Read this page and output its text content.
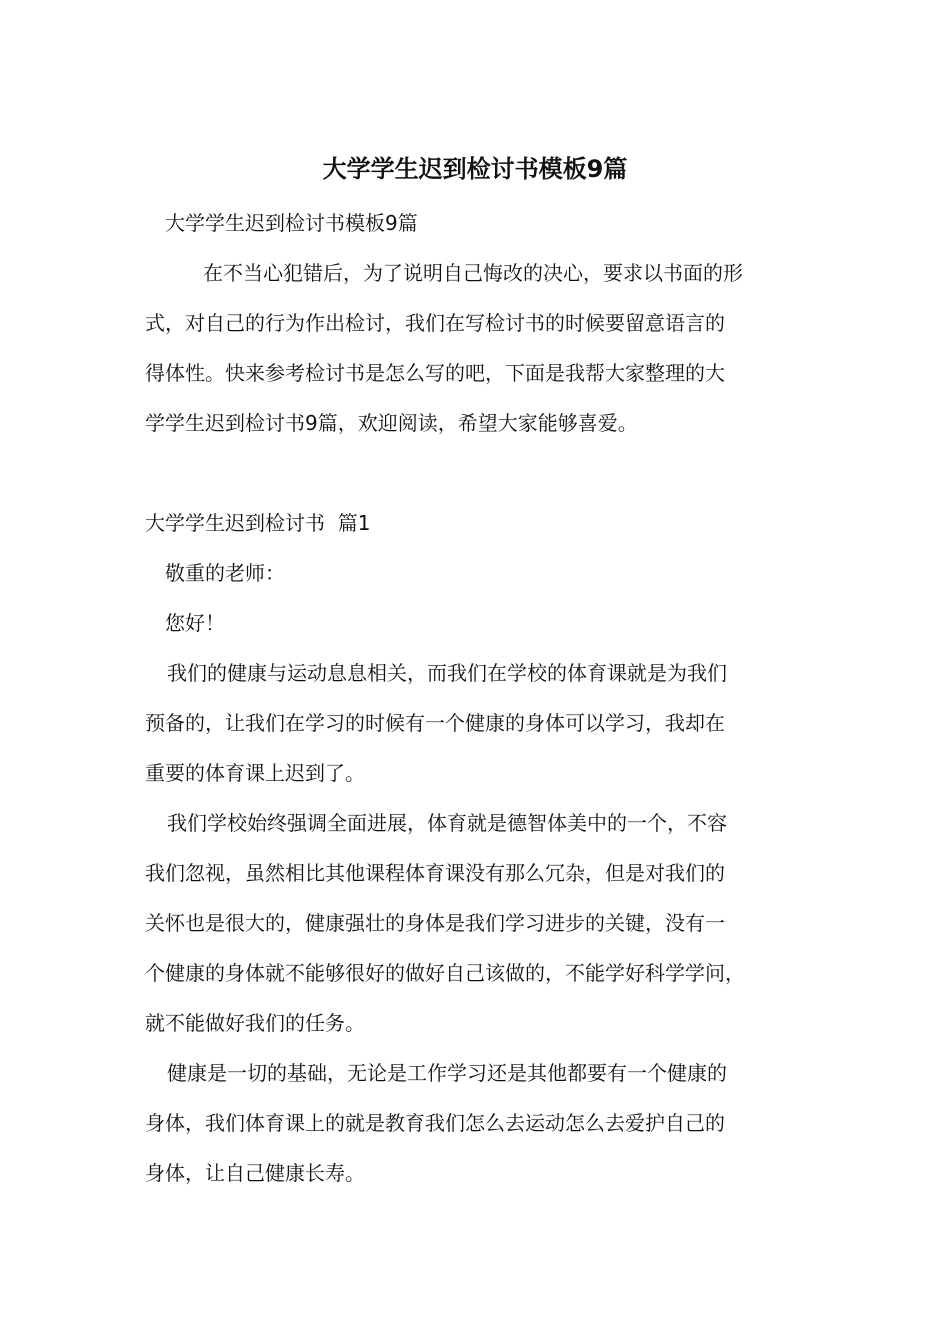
大学学生迟到检讨书模板9篇

大学学生迟到检讨书模板9篇

在不当心犯错后，为了说明自己悔改的决心，要求以书面的形
式，对自己的行为作出检讨，我们在写检讨书的时候要留意语言的
得体性。快来参考检讨书是怎么写的吧，下面是我帮大家整理的大
学学生迟到检讨书9篇，欢迎阅读，希望大家能够喜爱。

大学学生迟到检讨书  篇1

敬重的老师：

您好！

我们的健康与运动息息相关，而我们在学校的体育课就是为我们
预备的，让我们在学习的时候有一个健康的身体可以学习，我却在
重要的体育课上迟到了。

我们学校始终强调全面进展，体育就是德智体美中的一个，不容
我们忽视，虽然相比其他课程体育课没有那么冗杂，但是对我们的
关怀也是很大的，健康强壮的身体是我们学习进步的关键，没有一
个健康的身体就不能够很好的做好自己该做的，不能学好科学学问，
就不能做好我们的任务。

健康是一切的基础，无论是工作学习还是其他都要有一个健康的
身体，我们体育课上的就是教育我们怎么去运动怎么去爱护自己的
身体，让自己健康长寿。
